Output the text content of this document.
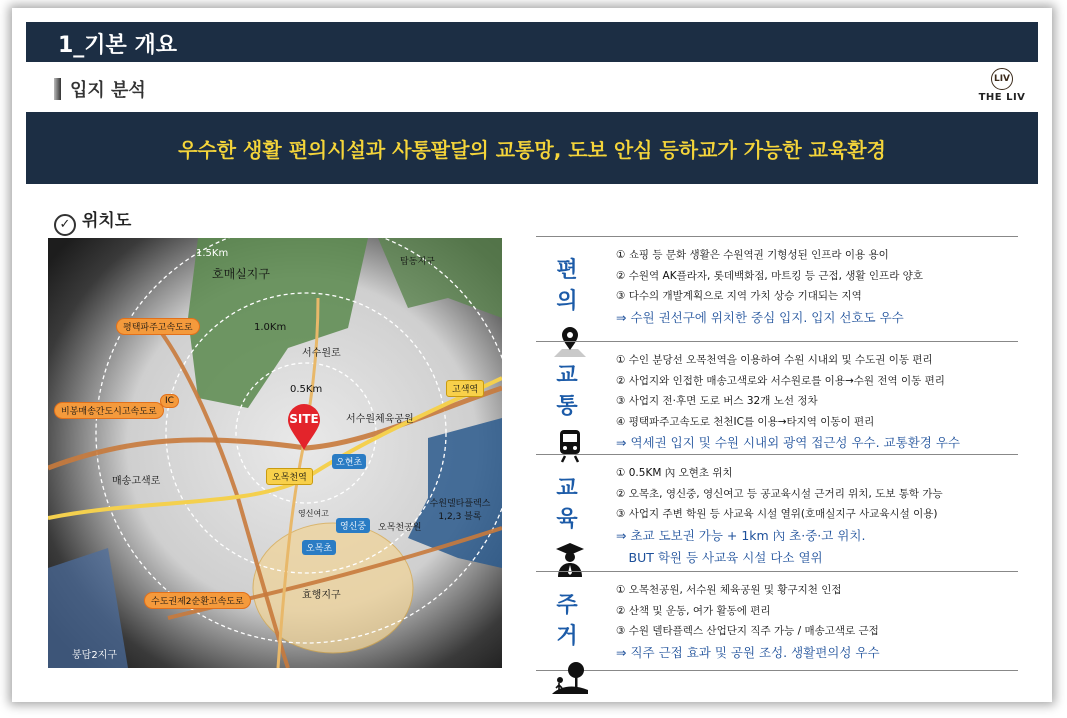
1_기본 개요
입지 분석
LIV
THE LIV
우수한 생활 편의시설과 사통팔달의 교통망, 도보 안심 등하교가 가능한 교육환경
✓ 위치도
1.5Km
호매실지구
탑동지구
평택파주고속도로	1.0Km
서수원로
고색역
0.5Km
비봉매송간도시고속도로
IC
서수원체육공원
오목천역
오현초
매송고색로
영신여고
영신중
오목초
수원델타플렉스 1,2,3 블록
오목천공원
효행지구
수도권제2순환고속도로
봉담2지구
SITE
편 의
① 쇼핑 등 문화 생활은 수원역권 기형성된 인프라 이용 용이
② 수원역 AK플라자, 롯데백화점, 마트킹 등 근접, 생활 인프라 양호
③ 다수의 개발계획으로 지역 가치 상승 기대되는 지역
⇒ 수원 권선구에 위치한 중심 입지. 입지 선호도 우수
교 통
① 수인 분당선 오목천역을 이용하여 수원 시내외 및 수도권 이동 편리
② 사업지와 인접한 매송고색로와 서수원로를 이용→수원 전역 이동 편리
③ 사업지 전·후면 도로 버스 32개 노선 정차
④ 평택파주고속도로 천천IC를 이용→타지역 이동이 편리
⇒ 역세권 입지 및 수원 시내외 광역 접근성 우수. 교통환경 우수
교 육
① 0.5KM 內 오현초 위치
② 오목초, 영신중, 영신여고 등 공교육시설 근거리 위치, 도보 통학 가능
③ 사업지 주변 학원 등 사교육 시설 열위(호매실지구 사교육시설 이용)
⇒ 초교 도보권 가능 + 1km 內 초·중·고 위치.
　BUT 학원 등 사교육 시설 다소 열위
주 거
① 오목천공원, 서수원 체육공원 및 황구지천 인접
② 산책 및 운동, 여가 활동에 편리
③ 수원 델타플렉스 산업단지 직주 가능 / 매송고색로 근접
⇒ 직주 근접 효과 및 공원 조성. 생활편의성 우수
